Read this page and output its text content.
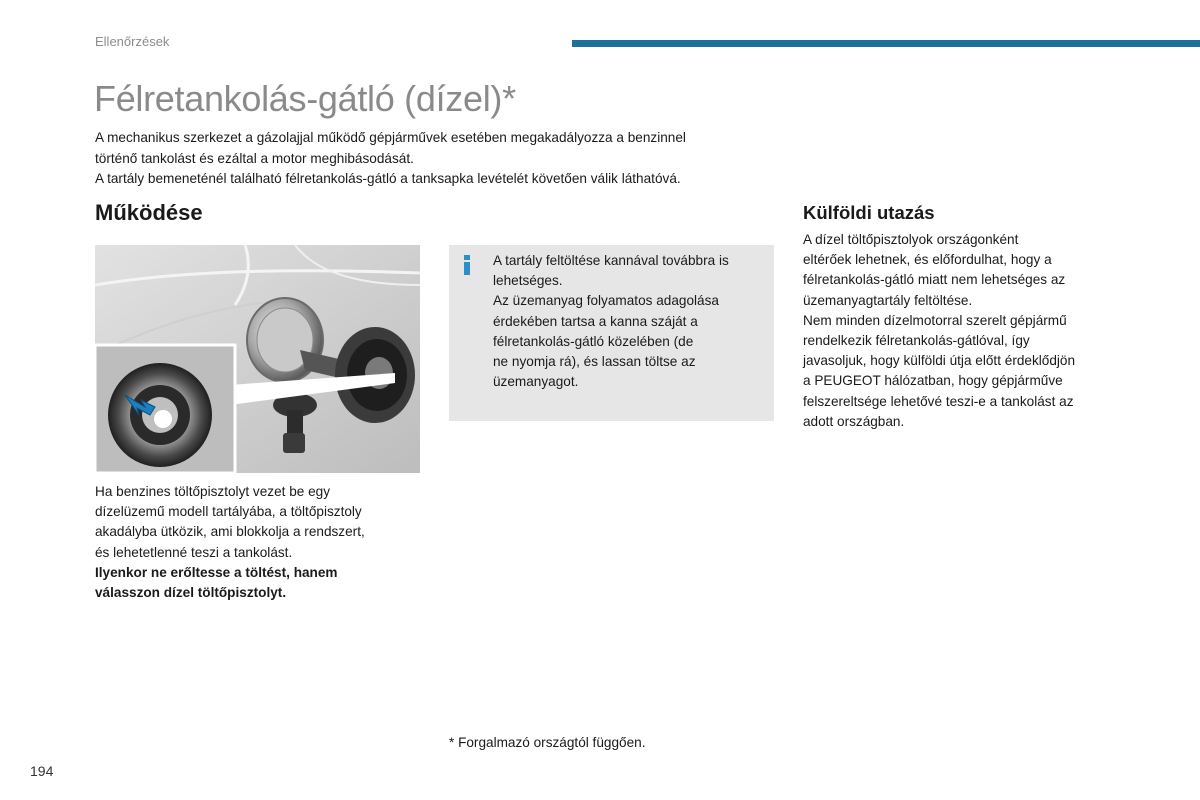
Ellenőrzések
Félretankolás-gátló (dízel)*
A mechanikus szerkezet a gázolajjal működő gépjárművek esetében megakadályozza a benzinnel
történő tankolást és ezáltal a motor meghibásodását.
A tartály bemeneténél található félretankolás-gátló a tanksapka levételét követően válik láthatóvá.
Működése
Ha benzines töltőpisztolyt vezet be egy
dízelüzemű modell tartályába, a töltőpisztoly
akadályba ütközik, ami blokkolja a rendszert,
és lehetetlenné teszi a tankolást.
Ilyenkor ne erőltesse a töltést, hanem
válasszon dízel töltőpisztolyt.
A tartály feltöltése kannával továbbra is
lehetséges.
Az üzemanyag folyamatos adagolása
érdekében tartsa a kanna száját a
félretankolás-gátló közelében (de
ne nyomja rá), és lassan töltse az
üzemanyagot.
Külföldi utazás
A dízel töltőpisztolyok országonként
eltérőek lehetnek, és előfordulhat, hogy a
félretankolás-gátló miatt nem lehetséges az
üzemanyagtartály feltöltése.
Nem minden dízelmotorral szerelt gépjármű
rendelkezik félretankolás-gátlóval, így
javasoljuk, hogy külföldi útja előtt érdeklődjön
a PEUGEOT hálózatban, hogy gépjárműve
felszereltsége lehetővé teszi-e a tankolást az
adott országban.
* Forgalmazó országtól függően.
194
